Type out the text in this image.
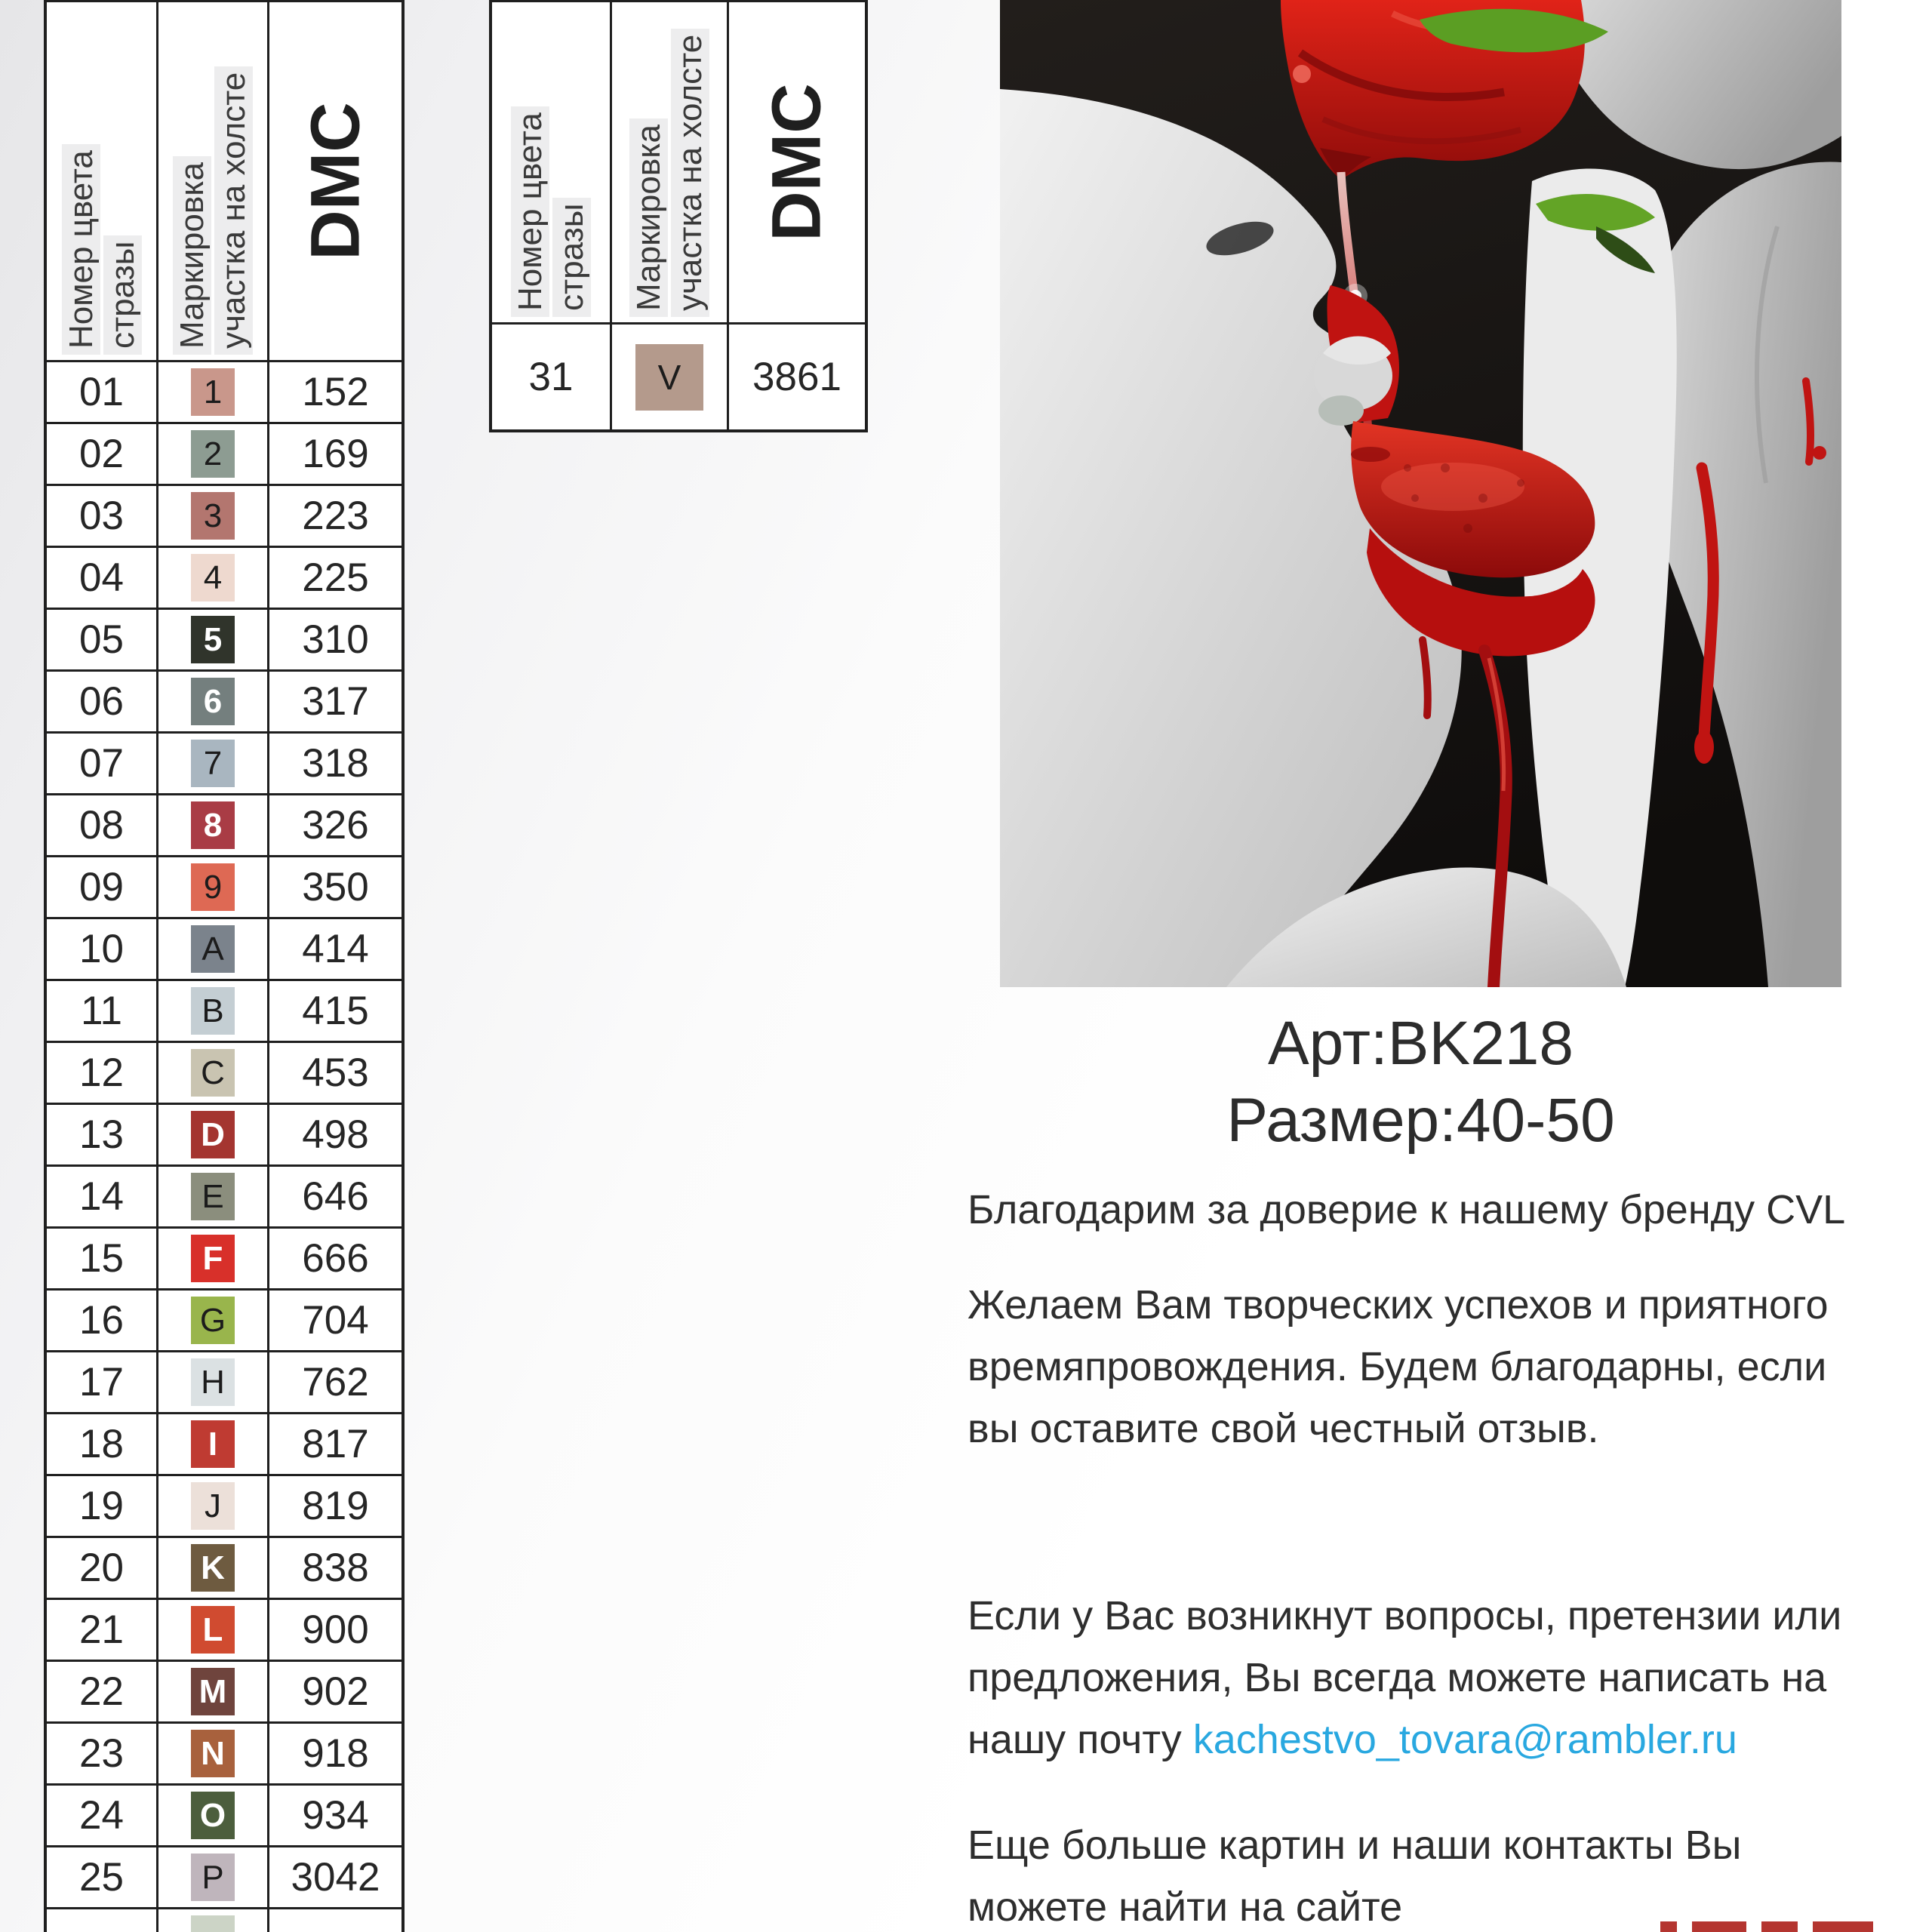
Номер цвета стразы Маркировка участка на холсте DMC
01 1 152
02 2 169
03 3 223
04 4 225
05 5 310
06 6 317
07 7 318
08 8 326
09 9 350
10 A 414
11 B 415
12 C 453
13 D 498
14 E 646
15 F 666
16 G 704
17 H 762
18	I 817
19 J 819
20 K 838
21 L 900
22 M 902
23 N 918
24 O 934
25 P 3042
Номер цвета стразы Маркировка участка на холсте DMC
31 V 3861
Арт:BK218
Размер:40-50
Благодарим за доверие к нашему бренду CVL
Желаем Вам творческих успехов и приятного
времяпровождения. Будем благодарны, если
вы оставите свой честный отзыв.
Если у Вас возникнут вопросы, претензии или
предложения, Вы всегда можете написать на
нашу почту kachestvo_tovara@rambler.ru
Еще больше картин и наши контакты Вы
можете найти на сайте
